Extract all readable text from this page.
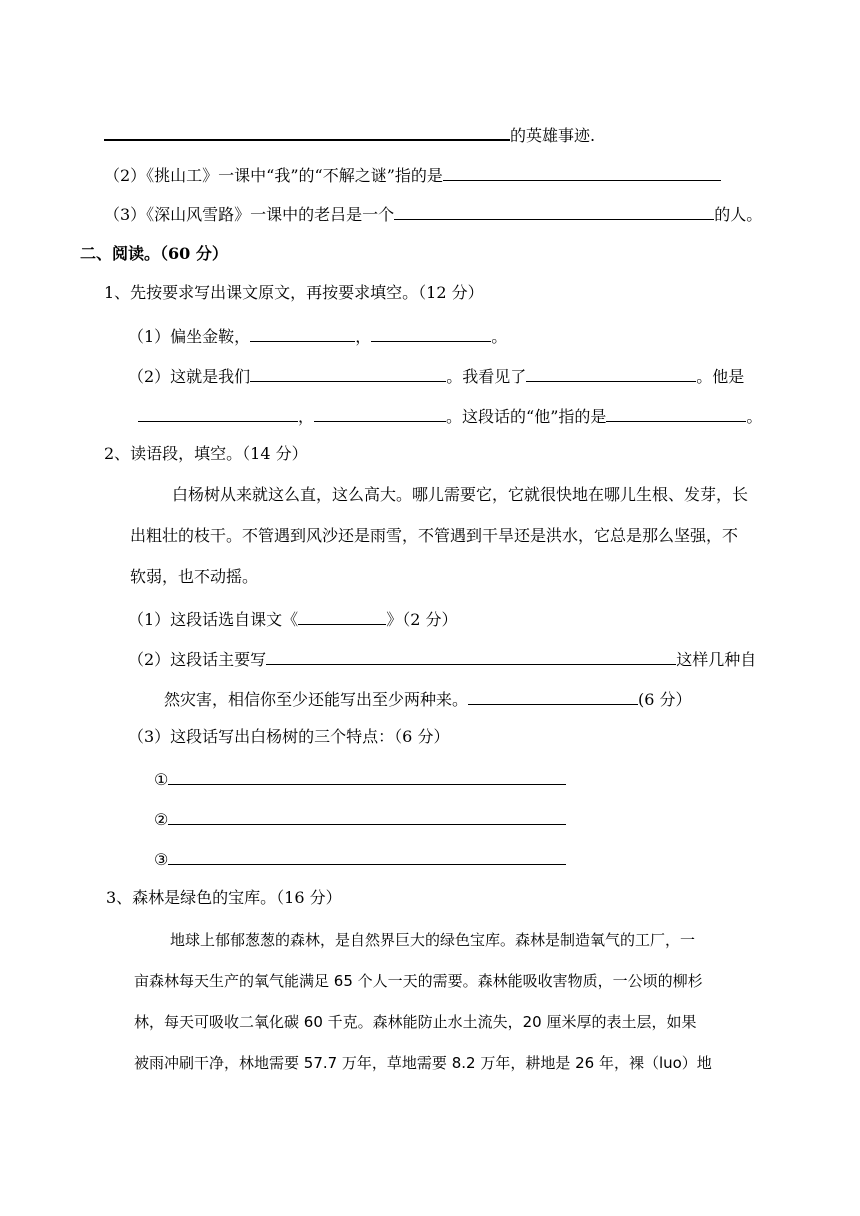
的英雄事迹.
（2）《挑山工》一课中“我”的“不解之谜”指的是
（3）《深山风雪路》一课中的老吕是一个	的人。
二、阅读。（60 分）
1、先按要求写出课文原文，再按要求填空。（12 分）
（1）偏坐金鞍，	，	。
（2）这就是我们	。我看见了	。他是
，	。这段话的“他”指的是	。
2、读语段，填空。（14 分）
白杨树从来就这么直，这么高大。哪儿需要它，它就很快地在哪儿生根、发芽，长
出粗壮的枝干。不管遇到风沙还是雨雪，不管遇到干旱还是洪水，它总是那么坚强，不
软弱，也不动摇。
（1）这段话选自课文《	》（2 分）
（2）这段话主要写	这样几种自
然灾害，相信你至少还能写出至少两种来。	(6 分）
（3）这段话写出白杨树的三个特点：（6 分）
①
②
③
3、森林是绿色的宝库。（16 分）
地球上郁郁葱葱的森林，是自然界巨大的绿色宝库。森林是制造氧气的工厂，一
亩森林每天生产的氧气能满足 65 个人一天的需要。森林能吸收害物质，一公顷的柳杉
林，每天可吸收二氧化碳 60 千克。森林能防止水土流失，20 厘米厚的表土层，如果
被雨冲刷干净，林地需要 57.7 万年，草地需要 8.2 万年，耕地是 26 年，裸（luo）地
